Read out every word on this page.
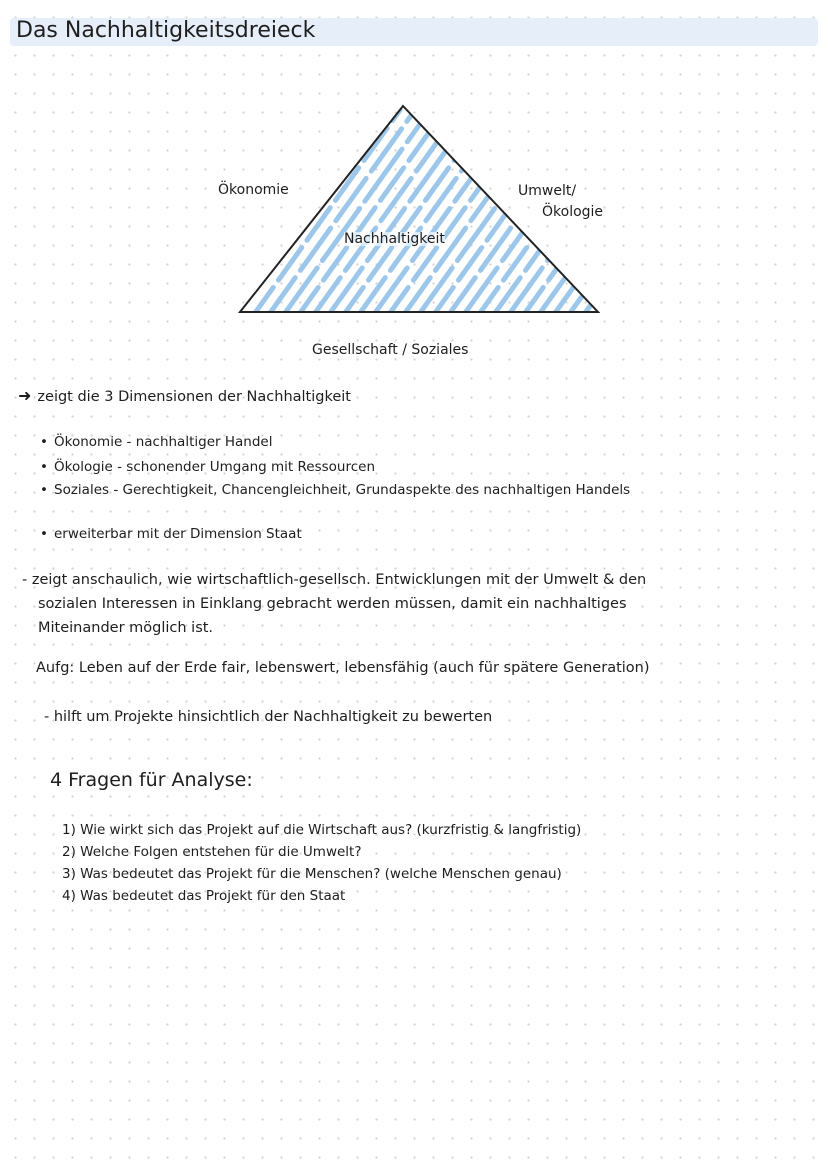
Das Nachhaltigkeitsdreieck
Ökonomie	Umwelt/
Ökologie
Nachhaltigkeit
Gesellschaft / Soziales
➜ zeigt die 3 Dimensionen der Nachhaltigkeit
• Ökonomie - nachhaltiger Handel
• Ökologie - schonender Umgang mit Ressourcen
• Soziales - Gerechtigkeit, Chancengleichheit, Grundaspekte des nachhaltigen Handels
• erweiterbar mit der Dimension Staat
- zeigt anschaulich, wie wirtschaftlich-gesellsch. Entwicklungen mit der Umwelt & den
sozialen Interessen in Einklang gebracht werden müssen, damit ein nachhaltiges
Miteinander möglich ist.
Aufg: Leben auf der Erde fair, lebenswert, lebensfähig (auch für spätere Generation)
- hilft um Projekte hinsichtlich der Nachhaltigkeit zu bewerten
4 Fragen für Analyse:
1) Wie wirkt sich das Projekt auf die Wirtschaft aus? (kurzfristig & langfristig)
2) Welche Folgen entstehen für die Umwelt?
3) Was bedeutet das Projekt für die Menschen? (welche Menschen genau)
4) Was bedeutet das Projekt für den Staat
